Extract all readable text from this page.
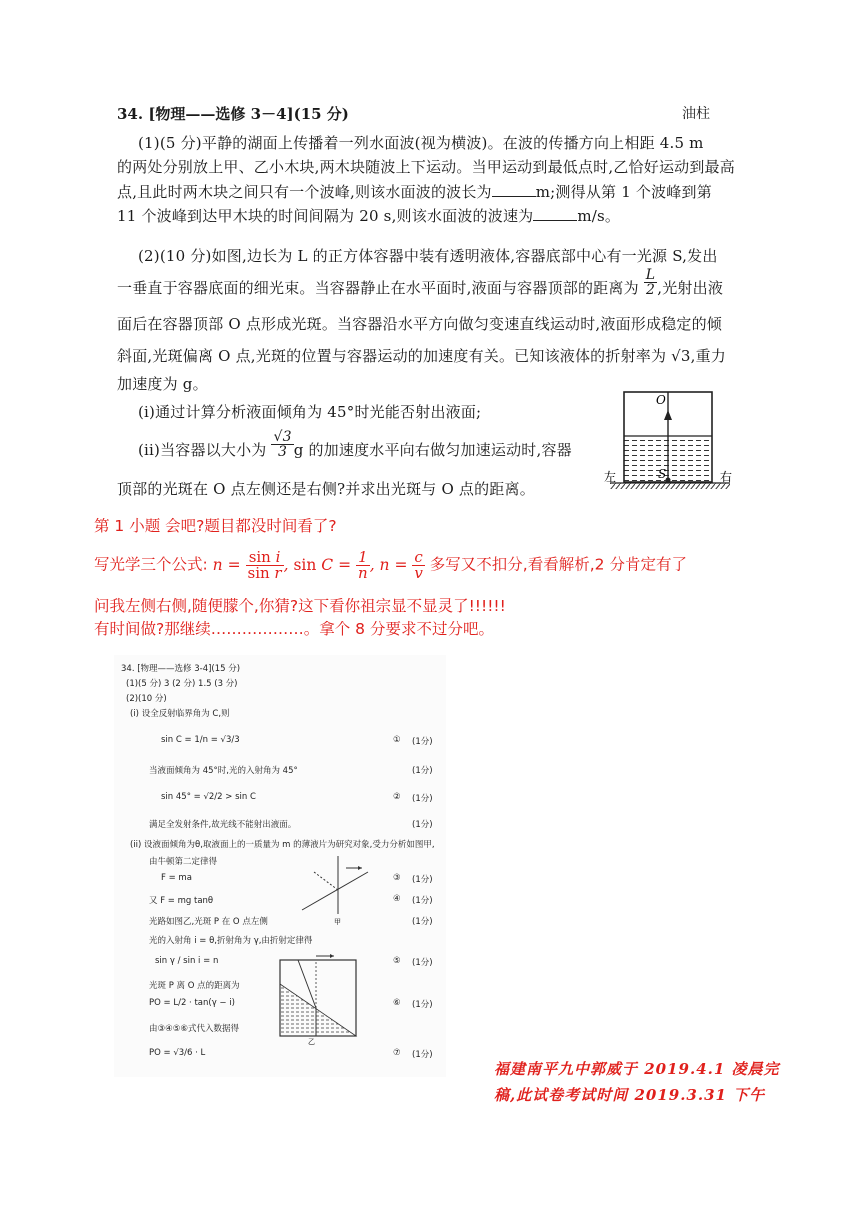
34. [物理——选修 3－4](15 分)	油柱
(1)(5 分)平静的湖面上传播着一列水面波(视为横波)。在波的传播方向上相距 4.5 m
的两处分别放上甲、乙小木块,两木块随波上下运动。当甲运动到最低点时,乙恰好运动到最高
点,且此时两木块之间只有一个波峰,则该水面波的波长为	m;测得从第 1 个波峰到第
11 个波峰到达甲木块的时间间隔为 20 s,则该水面波的波速为	m/s。
(2)(10 分)如图,边长为 L 的正方体容器中装有透明液体,容器底部中心有一光源 S,发出
一垂直于容器底面的细光束。当容器静止在水平面时,液面与容器顶部的距离为 $\frac{L}{2}$ ,光射出液
面后在容器顶部 O 点形成光斑。当容器沿水平方向做匀变速直线运动时,液面形成稳定的倾
斜面,光斑偏离 O 点,光斑的位置与容器运动的加速度有关。已知该液体的折射率为 √3,重力
加速度为 g。
(i)通过计算分析液面倾角为 45°时光能否射出液面;
(ii)当容器以大小为 $\frac{√3}{3}$ g 的加速度水平向右做匀加速运动时,容器
顶部的光斑在 O 点左侧还是右侧?并求出光斑与 O 点的距离。
O
S
左	右
第 1 小题 会吧?题目都没时间看了?
写光学三个公式: $n = \frac{\text{sin i}}{\text{sin r}}$ , $\sin C = \frac{1}{n}$ , $n = \frac{c}{v}$ 多写又不扣分,看看解析,2 分肯定有了
问我左侧右侧,随便朦个,你猜?这下看你祖宗显不显灵了!!!!!!
有时间做?那继续………………。拿个 8 分要求不过分吧。
34. [物理——选修 3-4](15 分)
(1)(5 分) 3 (2 分) 1.5 (3 分)
(2)(10 分)
(i) 设全反射临界角为 C,则
sin C = 1/n = √3/3	① (1分)
当液面倾角为 45°时,光的入射角为 45°	(1分)
sin 45° = √2/2 > sin C	② (1分)
满足全发射条件,故光线不能射出液面。	(1分)
(ii) 设液面倾角为θ,取液面上的一质量为 m 的薄液片为研究对象,受力分析如图甲,
由牛顿第二定律得
F = ma	③ (1分)
又 F = mg tanθ	④ (1分)
光路如图乙,光斑 P 在 O 点左侧	(1分)
光的入射角 i = θ,折射角为 γ,由折射定律得
sin γ / sin i = n	⑤ (1分)
光斑 P 离 O 点的距离为
PO = L/2 · tan(γ − i)	⑥ (1分)
由③④⑤⑥式代入数据得
PO = √3/6 · L	⑦ (1分)
甲
乙
福建南平九中郭威于 2019.4.1 凌晨完
稿,此试卷考试时间 2019.3.31 下午
